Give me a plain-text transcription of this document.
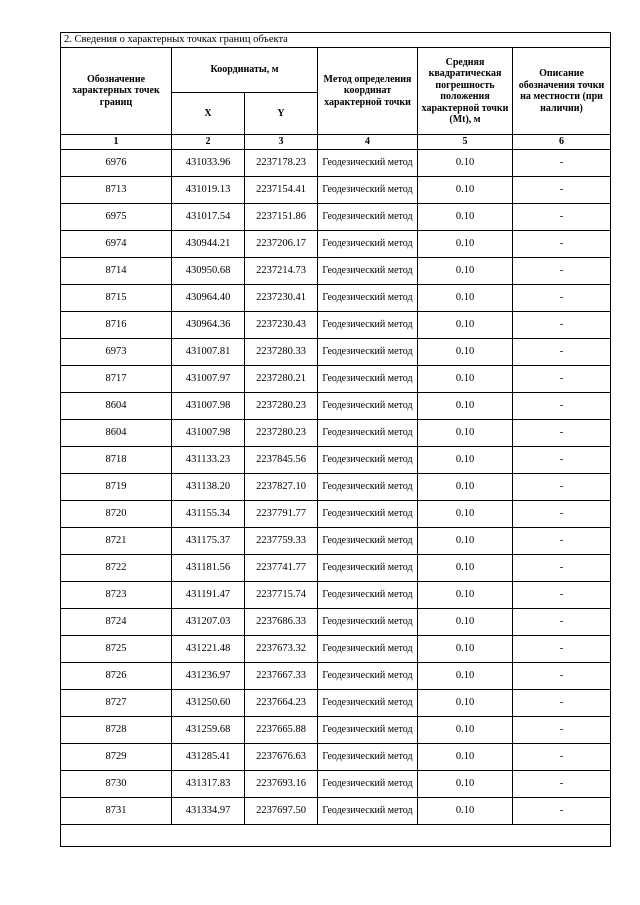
2. Сведения о характерных точках границ объекта					
Обозначение характерных точек границ	Координаты, м		Метод определения координат характерной точки	Средняя квадратическая погрешность положения характерной точки (Mt), м	Описание обозначения точки на местности (при наличии)
	X	Y			
1	2	3	4	5	6
6976	431033.96	2237178.23	Геодезический метод	0.10	-
8713	431019.13	2237154.41	Геодезический метод	0.10	-
6975	431017.54	2237151.86	Геодезический метод	0.10	-
6974	430944.21	2237206.17	Геодезический метод	0.10	-
8714	430950.68	2237214.73	Геодезический метод	0.10	-
8715	430964.40	2237230.41	Геодезический метод	0.10	-
8716	430964.36	2237230.43	Геодезический метод	0.10	-
6973	431007.81	2237280.33	Геодезический метод	0.10	-
8717	431007.97	2237280.21	Геодезический метод	0.10	-
8604	431007.98	2237280.23	Геодезический метод	0.10	-
8604	431007.98	2237280.23	Геодезический метод	0.10	-
8718	431133.23	2237845.56	Геодезический метод	0.10	-
8719	431138.20	2237827.10	Геодезический метод	0.10	-
8720	431155.34	2237791.77	Геодезический метод	0.10	-
8721	431175.37	2237759.33	Геодезический метод	0.10	-
8722	431181.56	2237741.77	Геодезический метод	0.10	-
8723	431191.47	2237715.74	Геодезический метод	0.10	-
8724	431207.03	2237686.33	Геодезический метод	0.10	-
8725	431221.48	2237673.32	Геодезический метод	0.10	-
8726	431236.97	2237667.33	Геодезический метод	0.10	-
8727	431250.60	2237664.23	Геодезический метод	0.10	-
8728	431259.68	2237665.88	Геодезический метод	0.10	-
8729	431285.41	2237676.63	Геодезический метод	0.10	-
8730	431317.83	2237693.16	Геодезический метод	0.10	-
8731	431334.97	2237697.50	Геодезический метод	0.10	-
